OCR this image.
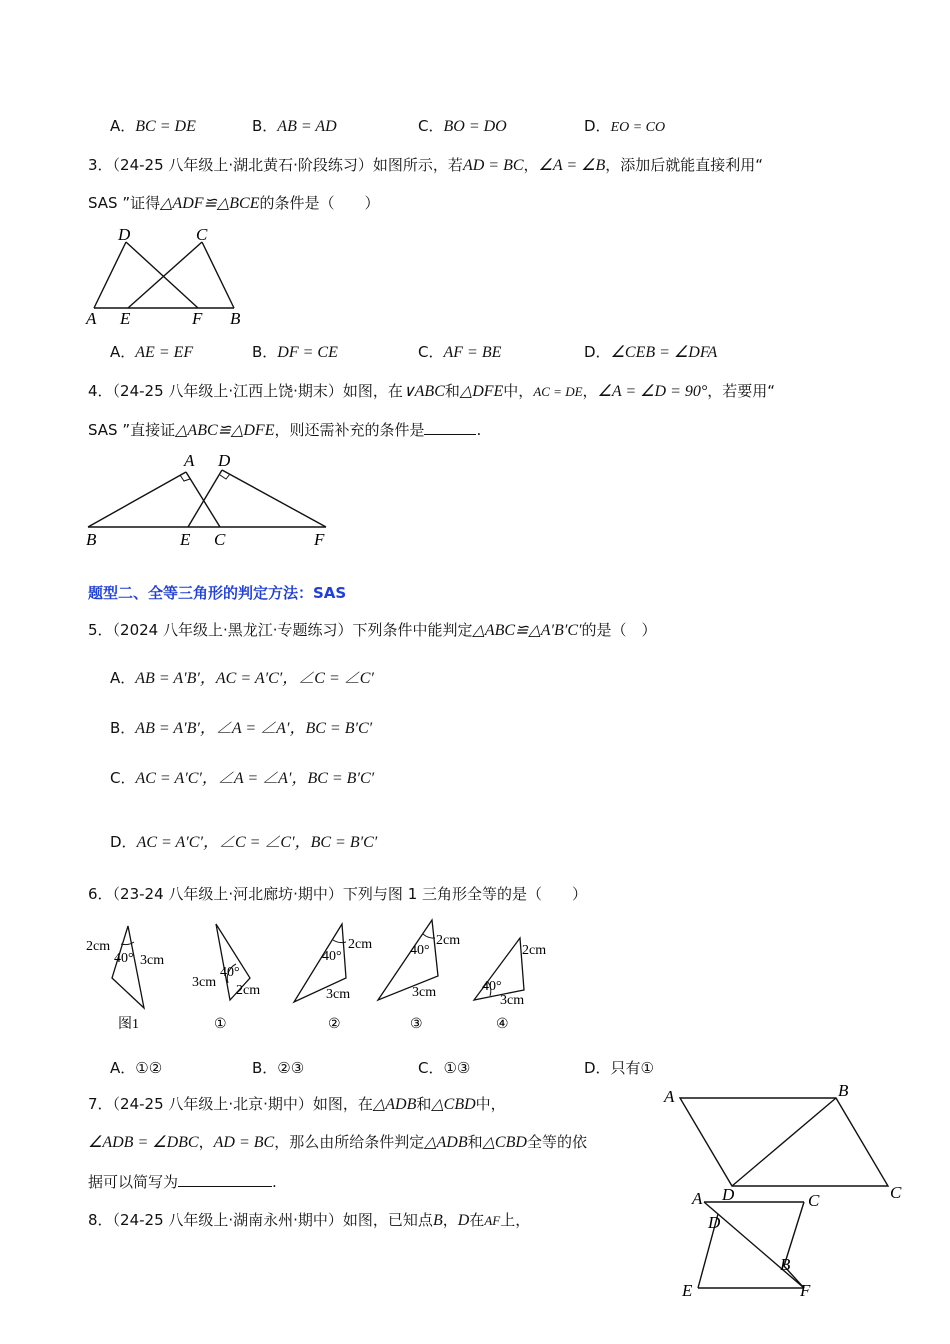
A．BC = DE	B．AB = AD	C．BO = DO	D．EO = CO
3．（24-25 八年级上·湖北黄石·阶段练习）如图所示，若AD = BC，∠A = ∠B，添加后就能直接利用“
SAS ”证得△ADF≌△BCE的条件是（　　）
D	C
A E	F B
A．AE = EF	B．DF = CE	C．AF = BE	D．∠CEB = ∠DFA
4．（24-25 八年级上·江西上饶·期末）如图，在∨ABC和△DFE中，AC = DE，∠A = ∠D = 90°，若要用“
SAS ”直接证△ABC≌△DFE，则还需补充的条件是	.
A D
B	E C	F
题型二、全等三角形的判定方法：SAS
5．（2024 八年级上·黑龙江·专题练习）下列条件中能判定△ABC≌△A′B′C′的是（　）
A．AB = A′B′，AC = A′C′，∠C = ∠C′
B．AB = A′B′，∠A = ∠A′，BC = B′C′
C．AC = A′C′，∠A = ∠A′，BC = B′C′
D．AC = A′C′，∠C = ∠C′，BC = B′C′
6．（23-24 八年级上·河北廊坊·期中）下列与图 1 三角形全等的是（　　）
2cm
3cm
40°
图1
3cm
2cm
40°
①
2cm
3cm
40°
②
2cm
3cm
40°
③
2cm
3cm
40°
④
A．①②	B．②③	C．①③	D．只有①
7．（24-25 八年级上·北京·期中）如图，在△ADB和△CBD中，
∠ADB = ∠DBC，AD = BC，那么由所给条件判定△ADB和△CBD全等的依
据可以简写为	.
A	B
D	C
8．（24-25 八年级上·湖南永州·期中）如图，已知点B，D在AF上，
A	C
D
B
E	F
